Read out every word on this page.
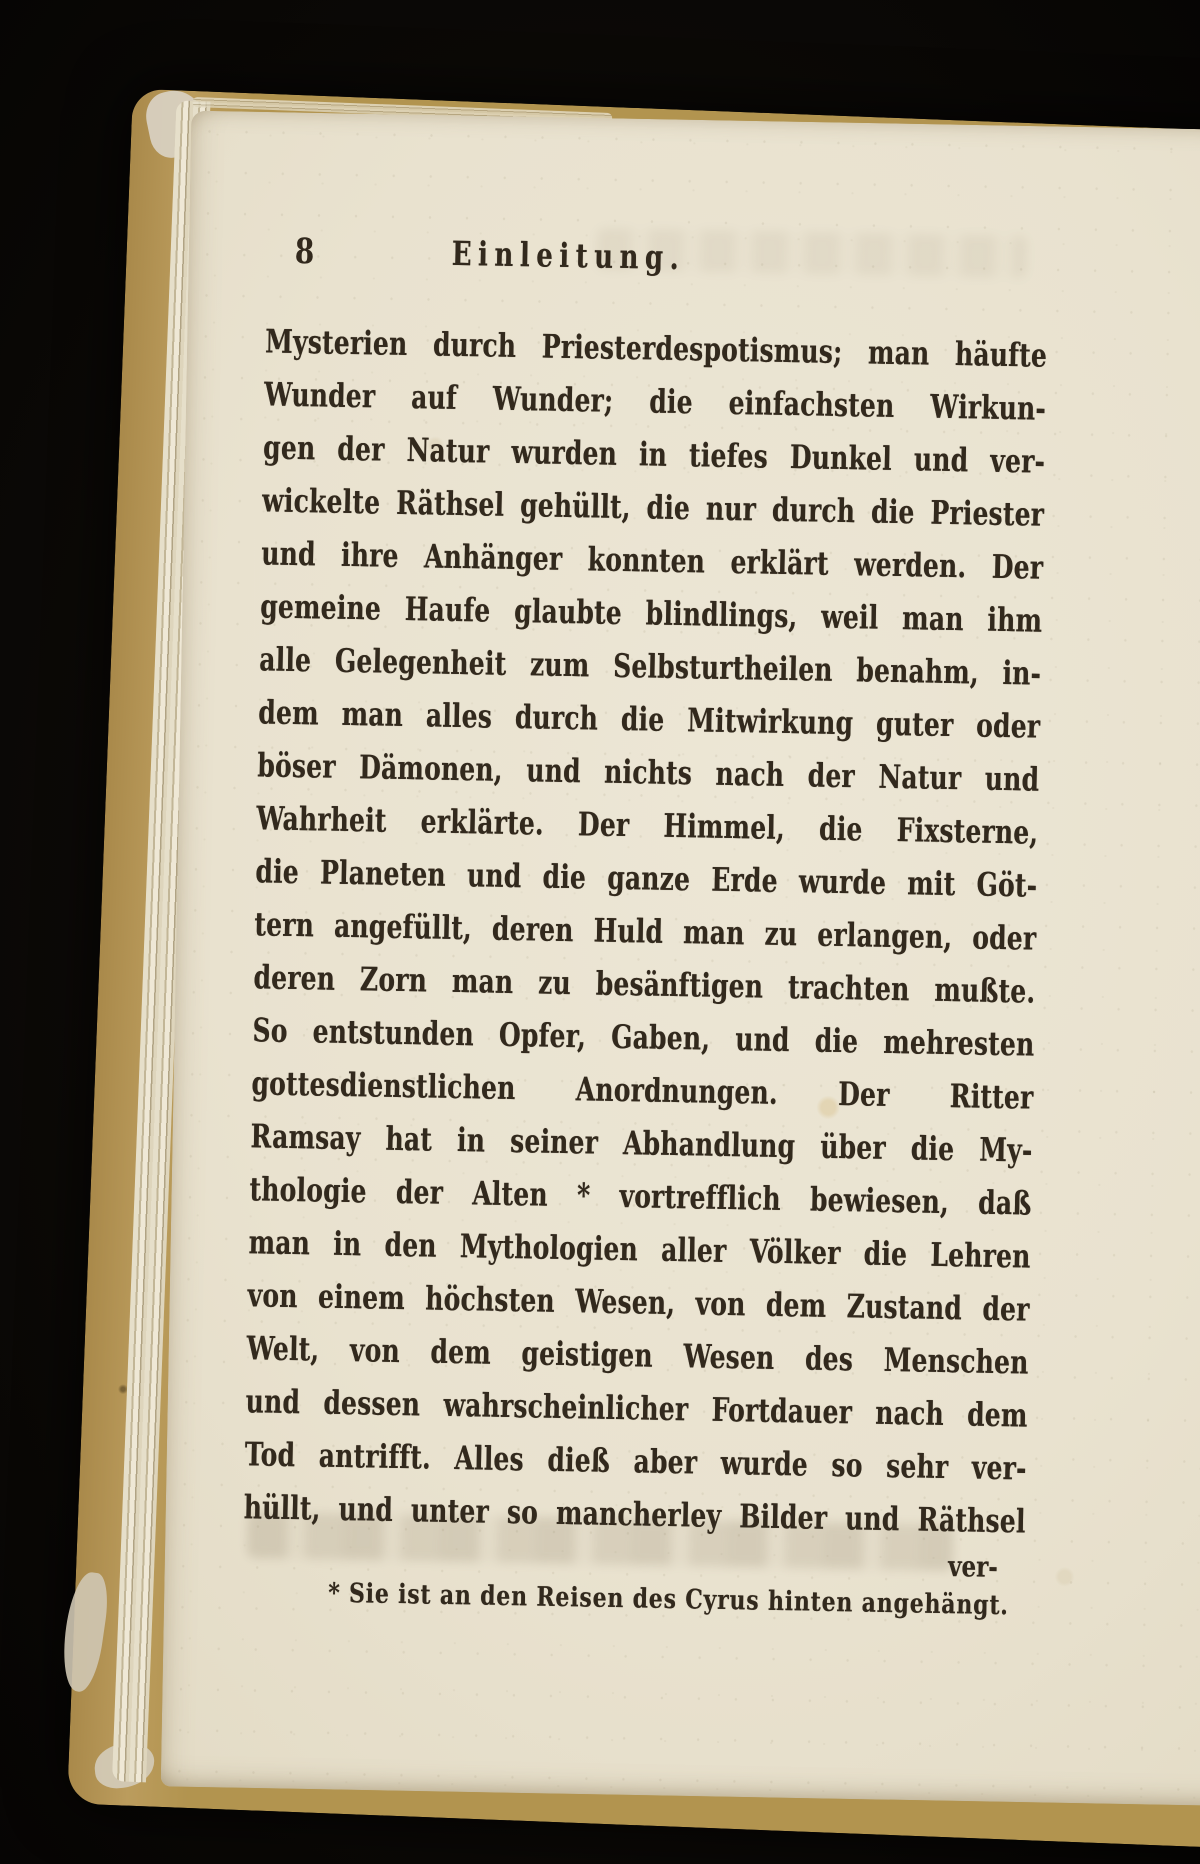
8	Einleitung.
Mysterien durch Priesterdespotismus; man häufte
Wunder auf Wunder; die einfachsten Wirkun-
gen der Natur wurden in tiefes Dunkel und ver-
wickelte Räthsel gehüllt, die nur durch die Priester
und ihre Anhänger konnten erklärt werden. Der
gemeine Haufe glaubte blindlings, weil man ihm
alle Gelegenheit zum Selbsturtheilen benahm, in-
dem man alles durch die Mitwirkung guter oder
böser Dämonen, und nichts nach der Natur und
Wahrheit erklärte. Der Himmel, die Fixsterne,
die Planeten und die ganze Erde wurde mit Göt-
tern angefüllt, deren Huld man zu erlangen, oder
deren Zorn man zu besänftigen trachten mußte.
So entstunden Opfer, Gaben, und die mehresten
gottesdienstlichen Anordnungen. Der Ritter
Ramsay hat in seiner Abhandlung über die My-
thologie der Alten * vortrefflich bewiesen, daß
man in den Mythologien aller Völker die Lehren
von einem höchsten Wesen, von dem Zustand der
Welt, von dem geistigen Wesen des Menschen
und dessen wahrscheinlicher Fortdauer nach dem
Tod antrifft. Alles dieß aber wurde so sehr ver-
hüllt, und unter so mancherley Bilder und Räthsel
ver-
* Sie ist an den Reisen des Cyrus hinten angehängt.
